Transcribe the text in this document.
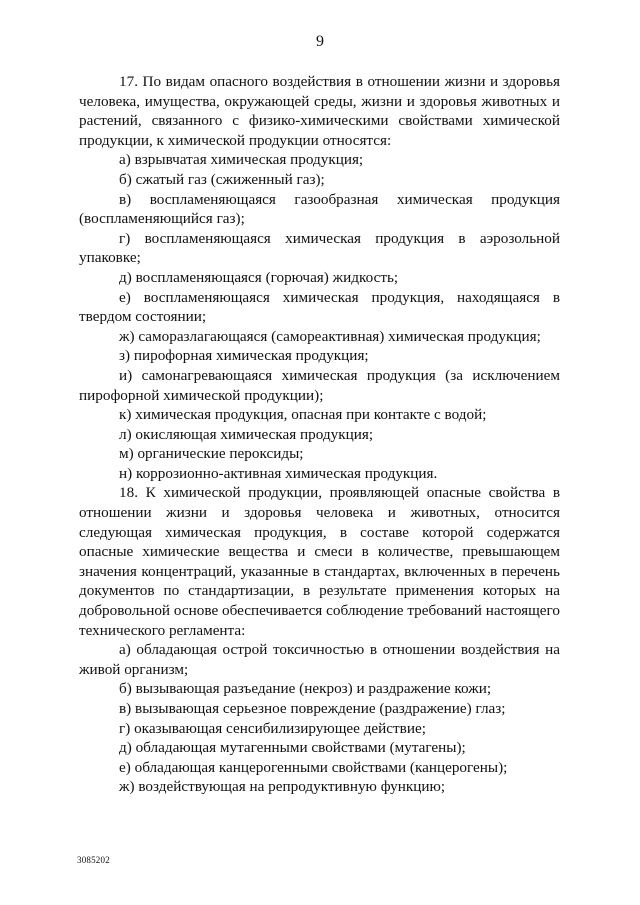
9

17. По видам опасного воздействия в отношении жизни и здоровья человека, имущества, окружающей среды, жизни и здоровья животных и растений, связанного с физико-химическими свойствами химической продукции, к химической продукции относятся:

а) взрывчатая химическая продукция;

б) сжатый газ (сжиженный газ);

в) воспламеняющаяся газообразная химическая продукция (воспламеняющийся газ);

г) воспламеняющаяся химическая продукция в аэрозольной упаковке;

д) воспламеняющаяся (горючая) жидкость;

е) воспламеняющаяся химическая продукция, находящаяся в твердом состоянии;

ж) саморазлагающаяся (самореактивная) химическая продукция;

з) пирофорная химическая продукция;

и) самонагревающаяся химическая продукция (за исключением пирофорной химической продукции);

к) химическая продукция, опасная при контакте с водой;

л) окисляющая химическая продукция;

м) органические пероксиды;

н) коррозионно-активная химическая продукция.

18. К химической продукции, проявляющей опасные свойства в отношении жизни и здоровья человека и животных, относится следующая химическая продукция, в составе которой содержатся опасные химические вещества и смеси в количестве, превышающем значения концентраций, указанные в стандартах, включенных в перечень документов по стандартизации, в результате применения которых на добровольной основе обеспечивается соблюдение требований настоящего технического регламента:

а) обладающая острой токсичностью в отношении воздействия на живой организм;

б) вызывающая разъедание (некроз) и раздражение кожи;

в) вызывающая серьезное повреждение (раздражение) глаз;

г) оказывающая сенсибилизирующее действие;

д) обладающая мутагенными свойствами (мутагены);

е) обладающая канцерогенными свойствами (канцерогены);

ж) воздействующая на репродуктивную функцию;

3085202
